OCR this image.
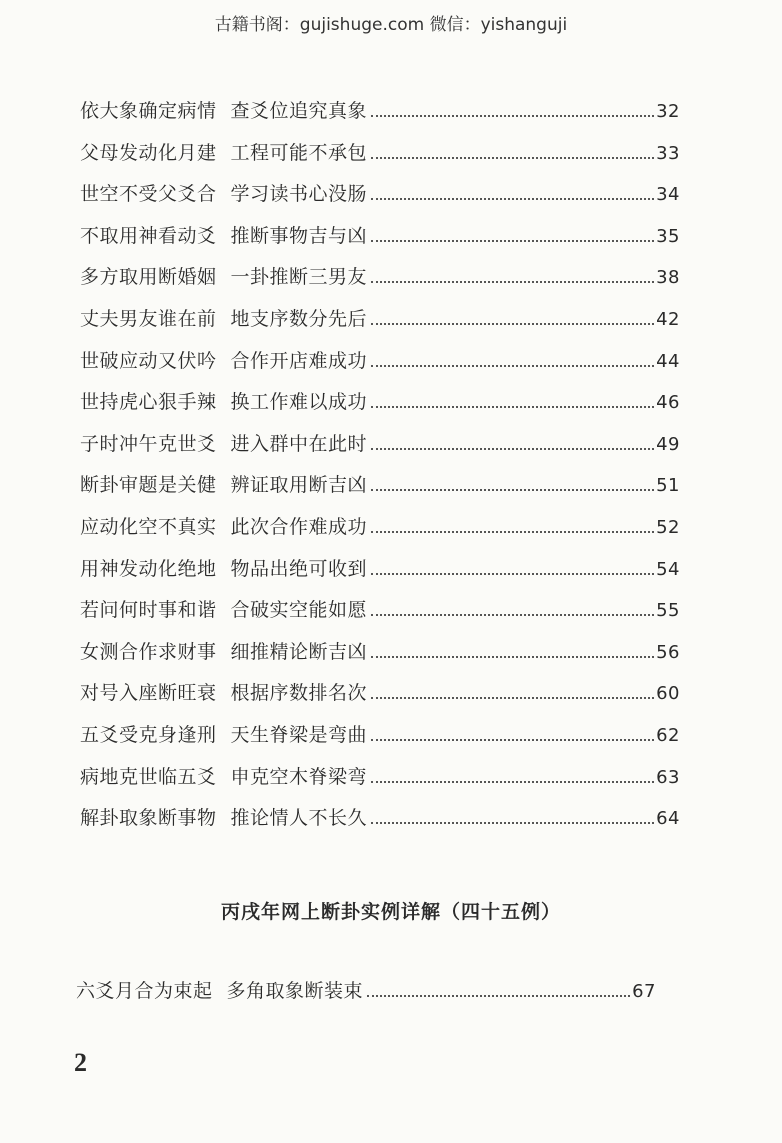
古籍书阁：gujishuge.com 微信：yishanguji
依大象确定病情 查爻位追究真象	32
父母发动化月建 工程可能不承包	33
世空不受父爻合 学习读书心没肠	34
不取用神看动爻 推断事物吉与凶	35
多方取用断婚姻 一卦推断三男友	38
丈夫男友谁在前 地支序数分先后	42
世破应动又伏吟 合作开店难成功	44
世持虎心狠手辣 换工作难以成功	46
子时冲午克世爻 进入群中在此时	49
断卦审题是关健 辨证取用断吉凶	51
应动化空不真实 此次合作难成功	52
用神发动化绝地 物品出绝可收到	54
若问何时事和谐 合破实空能如愿	55
女测合作求财事 细推精论断吉凶	56
对号入座断旺衰 根据序数排名次	60
五爻受克身逢刑 天生脊梁是弯曲	62
病地克世临五爻 申克空木脊梁弯	63
解卦取象断事物 推论情人不长久	64
丙戌年网上断卦实例详解（四十五例）
六爻月合为束起 多角取象断装束	67
2
